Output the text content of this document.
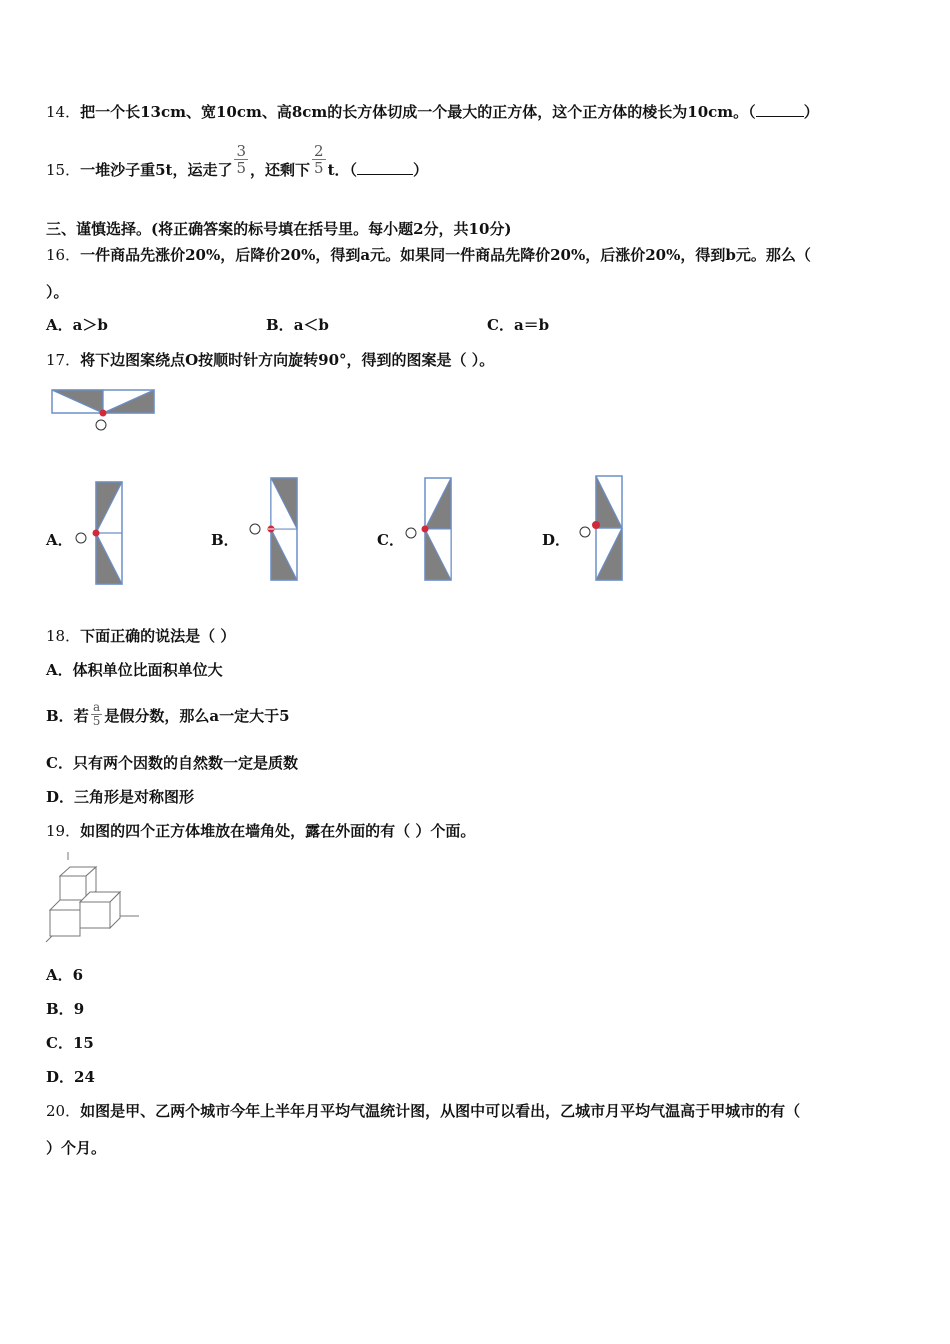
14．把一个长13cm、宽10cm、高8cm的长方体切成一个最大的正方体，这个正方体的棱长为10cm。（	）
15．一堆沙子重5t，运走了 $\frac{3}{5}$ ，还剩下 $\frac{2}{5}$ t．（	）
三、谨慎选择。(将正确答案的标号填在括号里。每小题2分，共10分)
16．一件商品先涨价20%，后降价20%，得到a元。如果同一件商品先降价20%，后涨价20%，得到b元。那么（
）。
A．a＞b	B．a＜b	C．a＝b
17．将下边图案绕点O按顺时针方向旋转90°，得到的图案是（ ）。
A．	B．	C．	D．
18．下面正确的说法是（ ）
A．体积单位比面积单位大
B．若 $\frac{a}{5}$ 是假分数，那么a一定大于5
C．只有两个因数的自然数一定是质数
D．三角形是对称图形
19．如图的四个正方体堆放在墙角处，露在外面的有（ ）个面。
A．6
B．9
C．15
D．24
20．如图是甲、乙两个城市今年上半年月平均气温统计图，从图中可以看出，乙城市月平均气温高于甲城市的有（
）个月。
